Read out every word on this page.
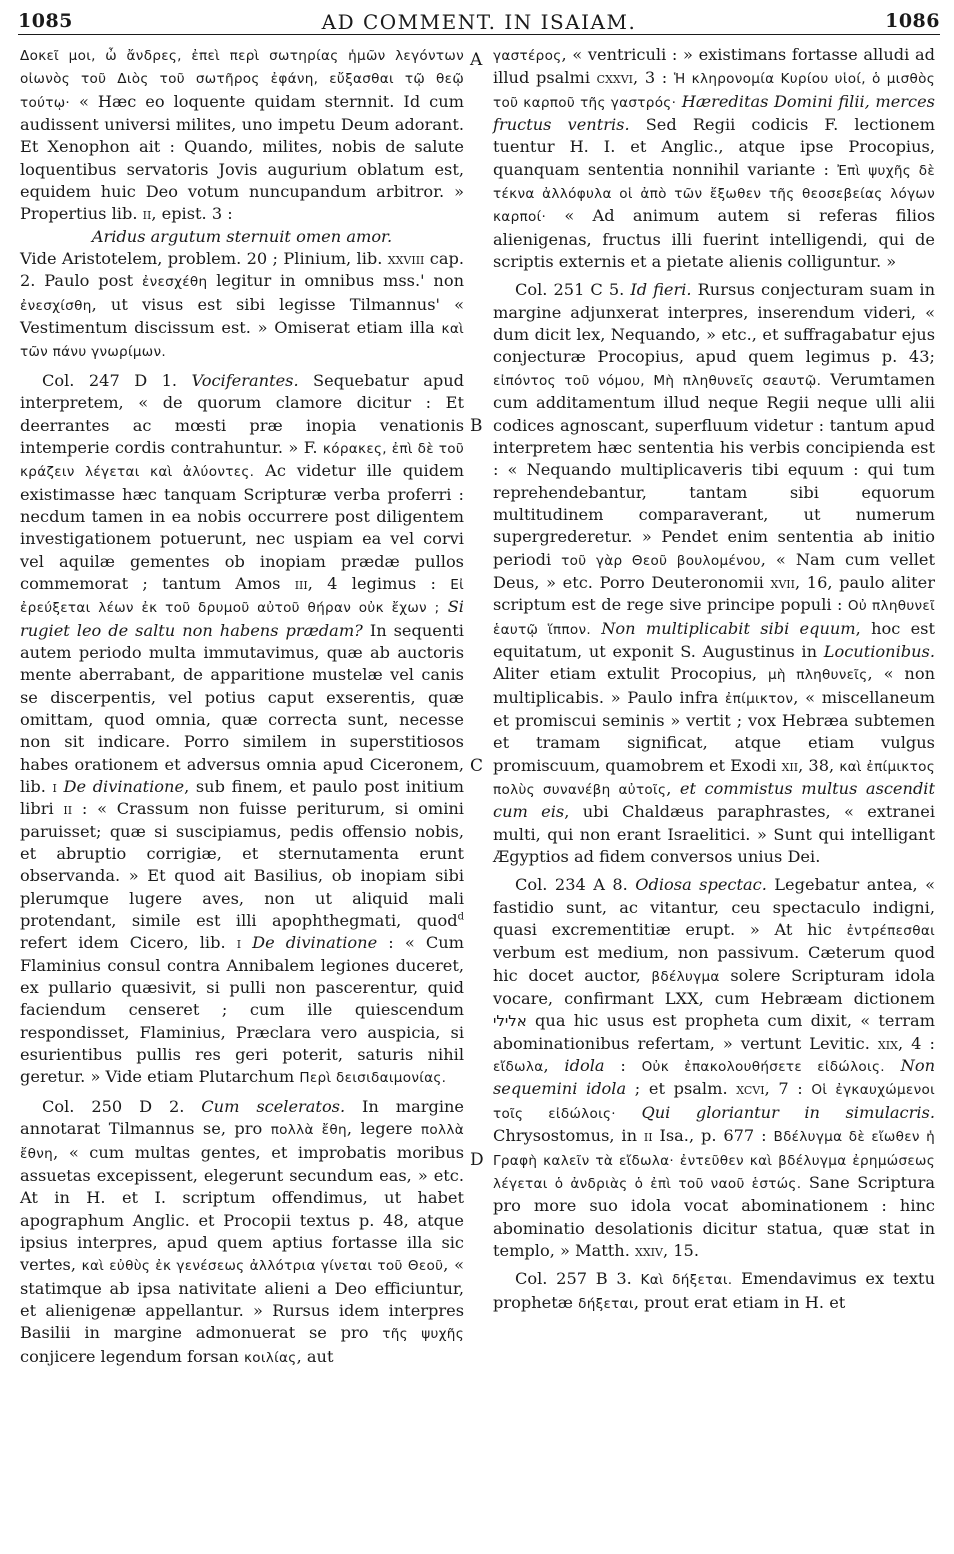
1085	AD COMMENT. IN ISAIAM.	1086
A
B
C
D

Δοκεῖ μοι, ὦ ἄνδρες, ἐπεὶ περὶ σωτηρίας ἡμῶν λεγόντων οἰωνὸς τοῦ Διὸς τοῦ σωτῆρος ἐφάνη, εὔξασθαι τῷ θεῷ τούτῳ· « Hæc eo loquente quidam sternnit. Id cum audissent universi milites, uno impetu Deum adorant. Et Xenophon ait : Quando, milites, nobis de salute loquentibus servatoris Jovis augurium oblatum est, equidem huic Deo votum nuncupandum arbitror. » Propertius lib. ii, epist. 3 :

Aridus argutum sternuit omen amor.

Vide Aristotelem, problem. 20 ; Plinium, lib. xxviii cap. 2. Paulo post ἐνεσχέθη legitur in omnibus mss.' non ἐνεσχίσθη, ut visus est sibi legisse Tilmannus' « Vestimentum discissum est. » Omiserat etiam illa καὶ τῶν πάνυ γνωρίμων.

Col. 247 D 1. Vociferantes. Sequebatur apud interpretem, « de quorum clamore dicitur : Et deerrantes ac mœsti præ inopia venationis intemperie cordis contrahuntur. » F. κόρακες, ἐπὶ δὲ τοῦ κράζειν λέγεται καὶ ἀλύοντες. Ac videtur ille quidem existimasse hæc tanquam Scripturæ verba proferri : necdum tamen in ea nobis occurrere post diligentem investigationem potuerunt, nec uspiam ea vel corvi vel aquilæ gementes ob inopiam prædæ pullos commemorat ; tantum Amos iii, 4 legimus : Εἰ ἐρεύξεται λέων ἐκ τοῦ δρυμοῦ αὐτοῦ θήραν οὐκ ἔχων ; Si rugiet leo de saltu non habens prædam? In sequenti autem periodo multa immutavimus, quæ ab auctoris mente aberrabant, de apparitione mustelæ vel canis se discerpentis, vel potius caput exserentis, quæ omittam, quod omnia, quæ correcta sunt, necesse non sit indicare. Porro similem in superstitiosos habes orationem et adversus omnia apud Ciceronem, lib. i De divinatione, sub finem, et paulo post initium libri ii : « Crassum non fuisse periturum, si omini paruisset; quæ si suscipiamus, pedis offensio nobis, et abruptio corrigiæ, et sternutamenta erunt observanda. » Et quod ait Basilius, ob inopiam sibi plerumque lugere aves, non ut aliquid mali protendant, simile est illi apophthegmati, quod$^d$ refert idem Cicero, lib. i De divinatione : « Cum Flaminius consul contra Annibalem legiones duceret, ex pullario quæsivit, si pulli non pascerentur, quid faciendum censeret ; cum ille quiescendum respondisset, Flaminius, Præclara vero auspicia, si esurientibus pullis res geri poterit, saturis nihil geretur. » Vide etiam Plutarchum Περὶ δεισιδαιμονίας.

Col. 250 D 2. Cum sceleratos. In margine annotarat Tilmannus se, pro πολλὰ ἔθη, legere πολλὰ ἔθνη, « cum multas gentes, et improbatis moribus assuetas excepissent, elegerunt secundum eas, » etc. At in H. et I. scriptum offendimus, ut habet apographum Anglic. et Procopii textus p. 48, atque ipsius interpres, apud quem aptius fortasse illa sic vertes, καὶ εὐθὺς ἐκ γενέσεως ἀλλότρια γίνεται τοῦ Θεοῦ, « statimque ab ipsa nativitate alieni a Deo efficiuntur, et alienigenæ appellantur. » Rursus idem interpres Basilii in margine admonuerat se pro τῆς ψυχῆς conjicere legendum forsan κοιλίας, aut

γαστέρος, « ventriculi : » existimans fortasse alludi ad illud psalmi cxxvi, 3 : Ἡ κληρονομία Κυρίου υἱοί, ὁ μισθὸς τοῦ καρποῦ τῆς γαστρός· Hæreditas Domini filii, merces fructus ventris. Sed Regii codicis F. lectionem tuentur H. I. et Anglic., atque ipse Procopius, quanquam sententia nonnihil variante : Ἐπὶ ψυχῆς δὲ τέκνα ἀλλόφυλα οἱ ἀπὸ τῶν ἔξωθεν τῆς θεοσεβείας λόγων καρποί· « Ad animum autem si referas filios alienigenas, fructus illi fuerint intelligendi, qui de scriptis externis et a pietate alienis colliguntur. »

Col. 251 C 5. Id fieri. Rursus conjecturam suam in margine adjunxerat interpres, inserendum videri, « dum dicit lex, Nequando, » etc., et suffragabatur ejus conjecturæ Procopius, apud quem legimus p. 43; εἰπόντος τοῦ νόμου, Μὴ πληθυνεῖς σεαυτῷ. Verumtamen cum additamentum illud neque Regii neque ulli alii codices agnoscant, superfluum videtur : tantum apud interpretem hæc sententia his verbis concipienda est : « Nequando multiplicaveris tibi equum : qui tum reprehendebantur, tantam sibi equorum multitudinem comparaverant, ut numerum supergrederetur. » Pendet enim sententia ab initio periodi τοῦ γὰρ Θεοῦ βουλομένου, « Nam cum vellet Deus, » etc. Porro Deuteronomii xvii, 16, paulo aliter scriptum est de rege sive principe populi : Οὐ πληθυνεῖ ἑαυτῷ ἵππον. Non multiplicabit sibi equum, hoc est equitatum, ut exponit S. Augustinus in Locutionibus. Aliter etiam extulit Procopius, μὴ πληθυνεῖς, « non multiplicabis. » Paulo infra ἐπίμικτον, « miscellaneum et promiscui seminis » vertit ; vox Hebræa subtemen et tramam significat, atque etiam vulgus promiscuum, quamobrem et Exodi xii, 38, καὶ ἐπίμικτος πολὺς συνανέβη αὐτοῖς, et commistus multus ascendit cum eis, ubi Chaldæus paraphrastes, « extranei multi, qui non erant Israelitici. » Sunt qui intelligant Ægyptios ad fidem conversos unius Dei.

Col. 234 A 8. Odiosa spectac. Legebatur antea, « fastidio sunt, ac vitantur, ceu spectaculo indigni, quasi excrementitiæ erupt. » At hic ἐντρέπεσθαι verbum est medium, non passivum. Cæterum quod hic docet auctor, βδέλυγμα solere Scripturam idola vocare, confirmant LXX, cum Hebræam dictionem אלילי qua hic usus est propheta cum dixit, « terram abominationibus refertam, » vertunt Levitic. xix, 4 : εἴδωλα, idola : Οὐκ ἐπακολουθήσετε εἰδώλοις. Non sequemini idola ; et psalm. xcvi, 7 : Οἱ ἐγκαυχώμενοι τοῖς εἰδώλοις· Qui gloriantur in simulacris. Chrysostomus, in ii Isa., p. 677 : Βδέλυγμα δὲ εἴωθεν ἡ Γραφὴ καλεῖν τὰ εἴδωλα· ἐντεῦθεν καὶ βδέλυγμα ἐρημώσεως λέγεται ὁ ἀνδριὰς ὁ ἐπὶ τοῦ ναοῦ ἑστώς. Sane Scriptura pro more suo idola vocat abominationem : hinc abominatio desolationis dicitur statua, quæ stat in templo, » Matth. xxiv, 15.

Col. 257 B 3. Καὶ δήξεται. Emendavimus ex textu prophetæ δήξεται, prout erat etiam in H. et
